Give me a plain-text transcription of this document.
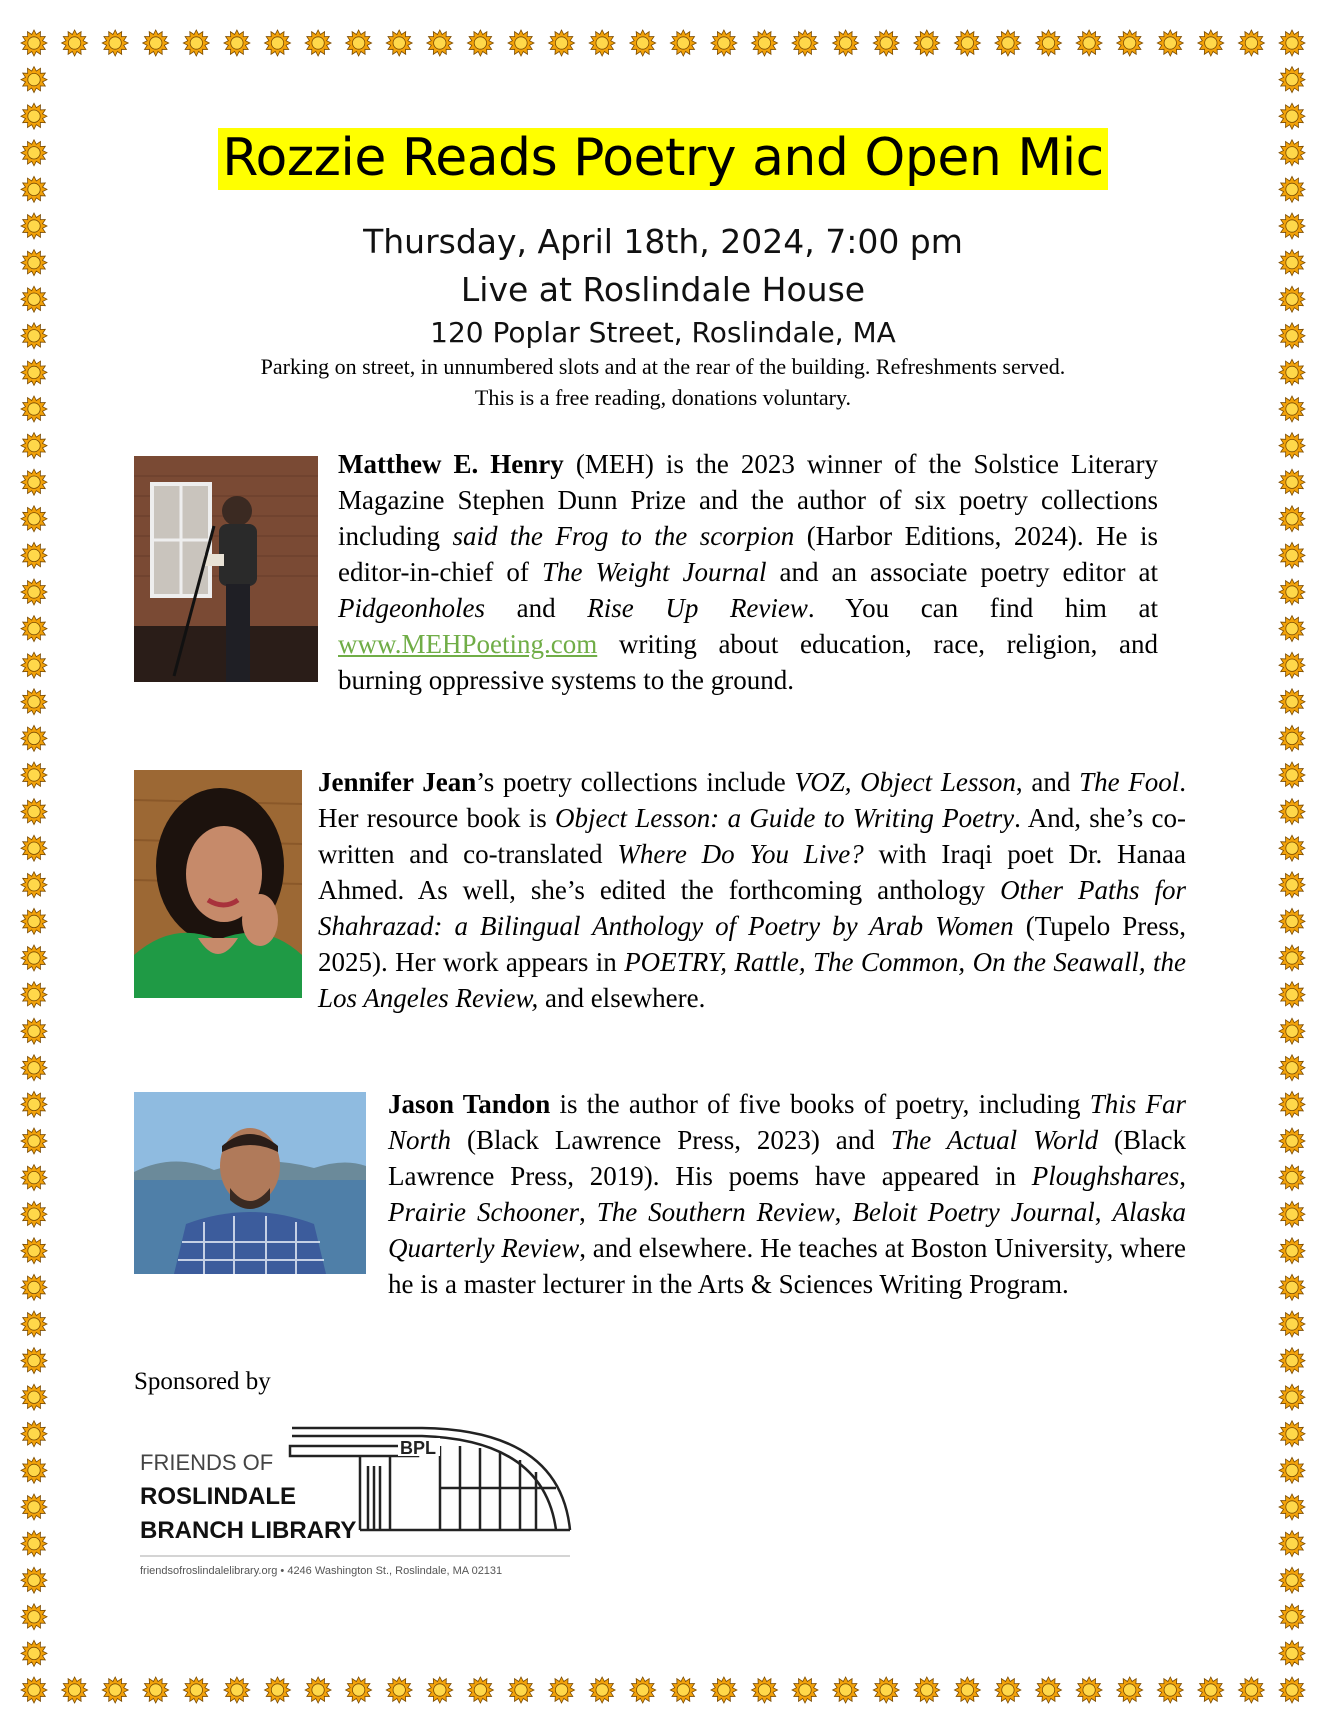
Rozzie Reads Poetry and Open Mic
Thursday, April 18th, 2024, 7:00 pm
Live at Roslindale House
120 Poplar Street, Roslindale, MA
Parking on street, in unnumbered slots and at the rear of the building. Refreshments served.
This is a free reading, donations voluntary.
Matthew E. Henry (MEH) is the 2023 winner of the Solstice Literary Magazine Stephen Dunn Prize and the author of six poetry collections including said the Frog to the scorpion (Harbor Editions, 2024). He is editor-in-chief of The Weight Journal and an associate poetry editor at Pidgeonholes and Rise Up Review. You can find him at www.MEHPoeting.com writing about education, race, religion, and burning oppressive systems to the ground.
Jennifer Jean’s poetry collections include VOZ, Object Lesson, and The Fool. Her resource book is Object Lesson: a Guide to Writing Poetry. And, she’s co-written and co-translated Where Do You Live? with Iraqi poet Dr. Hanaa Ahmed. As well, she’s edited the forthcoming anthology Other Paths for Shahrazad: a Bilingual Anthology of Poetry by Arab Women (Tupelo Press, 2025). Her work appears in POETRY, Rattle, The Common, On the Seawall, the Los Angeles Review, and elsewhere.
Jason Tandon is the author of five books of poetry, including This Far North (Black Lawrence Press, 2023) and The Actual World (Black Lawrence Press, 2019). His poems have appeared in Ploughshares, Prairie Schooner, The Southern Review, Beloit Poetry Journal, Alaska Quarterly Review, and elsewhere. He teaches at Boston University, where he is a master lecturer in the Arts & Sciences Writing Program.
Sponsored by
BPL
FRIENDS OF
ROSLINDALE
BRANCH LIBRARY
friendsofroslindalelibrary.org • 4246 Washington St., Roslindale, MA 02131
